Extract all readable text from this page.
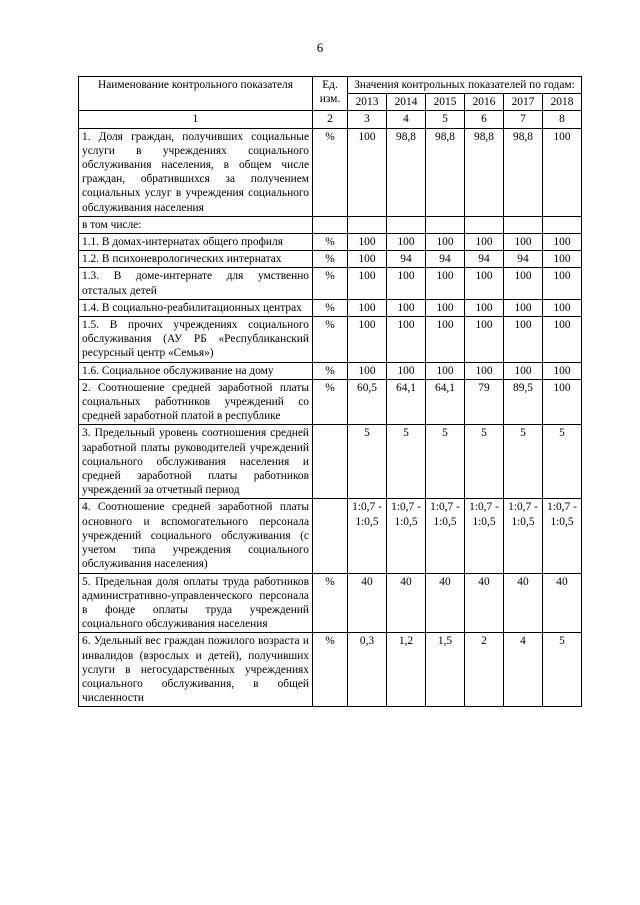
6
Наименование контрольного показателя	Ед. изм.	Значения контрольных показателей по годам:					
		2013	2014	2015	2016	2017	2018
1	2	3	4	5	6	7	8
1. Доля граждан, получивших социальные услуги в учреждениях социального обслуживания населения, в общем числе граждан, обратившихся за получением социальных услуг в учреждения социального обслуживания населения	%	100	98,8	98,8	98,8	98,8	100
в том числе:							
1.1. В домах-интернатах общего профиля	%	100	100	100	100	100	100
1.2. В психоневрологических интернатах	%	100	94	94	94	94	100
1.3. В доме-интернате для умственно отсталых детей	%	100	100	100	100	100	100
1.4. В социально-реабилитационных центрах	%	100	100	100	100	100	100
1.5. В прочих учреждениях социального обслуживания (АУ РБ «Республиканский ресурсный центр «Семья»)	%	100	100	100	100	100	100
1.6. Социальное обслуживание на дому	%	100	100	100	100	100	100
2. Соотношение средней заработной платы социальных работников учреждений со средней заработной платой в республике	%	60,5	64,1	64,1	79	89,5	100
3. Предельный уровень соотношения средней заработной платы руководителей учреждений социального обслуживания населения и средней заработной платы работников учреждений за отчетный период		5	5	5	5	5	5
4. Соотношение средней заработной платы основного и вспомогательного персонала учреждений социального обслуживания (с учетом типа учреждения социального обслуживания населения)		1:0,7 - 1:0,5	1:0,7 - 1:0,5	1:0,7 - 1:0,5	1:0,7 - 1:0,5	1:0,7 - 1:0,5	1:0,7 - 1:0,5
5. Предельная доля оплаты труда работников административно-управленческого персонала в фонде оплаты труда учреждений социального обслуживания населения	%	40	40	40	40	40	40
6. Удельный вес граждан пожилого возраста и инвалидов (взрослых и детей), получивших услуги в негосударственных учреждениях социального обслуживания, в общей численности	%	0,3	1,2	1,5	2	4	5
